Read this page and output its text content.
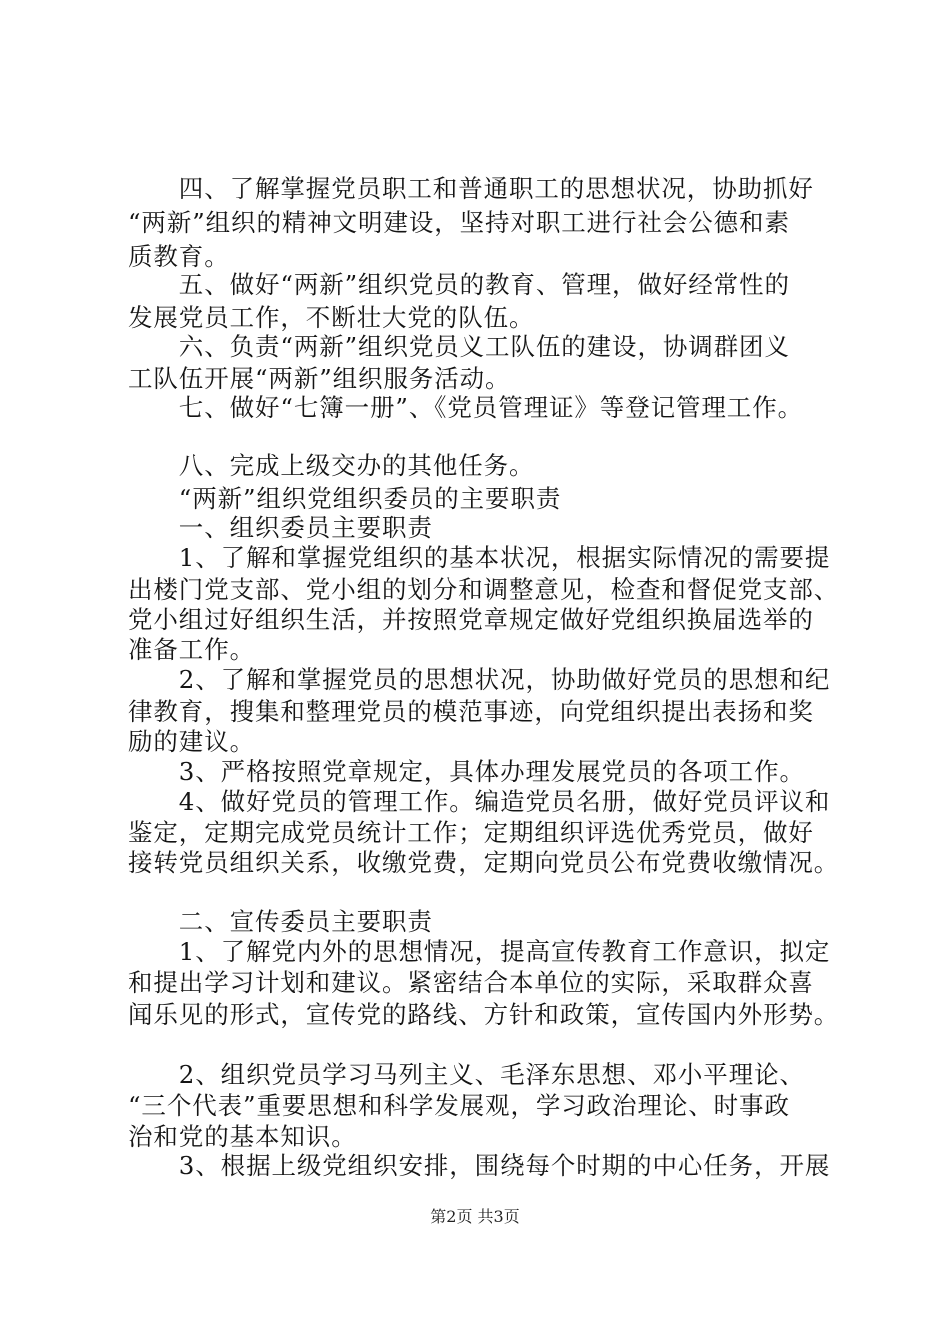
　　四、了解掌握党员职工和普通职工的思想状况，协助抓好
“两新”组织的精神文明建设，坚持对职工进行社会公德和素
质教育。
　　五、做好“两新”组织党员的教育、管理，做好经常性的
发展党员工作，不断壮大党的队伍。
　　六、负责“两新”组织党员义工队伍的建设，协调群团义
工队伍开展“两新”组织服务活动。
　　七、做好“七簿一册”、《党员管理证》等登记管理工作。
　　八、完成上级交办的其他任务。
　　“两新”组织党组织委员的主要职责
　　一、组织委员主要职责
　　1、了解和掌握党组织的基本状况，根据实际情况的需要提
出楼门党支部、党小组的划分和调整意见，检查和督促党支部、
党小组过好组织生活，并按照党章规定做好党组织换届选举的
准备工作。
　　2、了解和掌握党员的思想状况，协助做好党员的思想和纪
律教育，搜集和整理党员的模范事迹，向党组织提出表扬和奖
励的建议。
　　3、严格按照党章规定，具体办理发展党员的各项工作。
　　4、做好党员的管理工作。编造党员名册，做好党员评议和
鉴定，定期完成党员统计工作；定期组织评选优秀党员，做好
接转党员组织关系，收缴党费，定期向党员公布党费收缴情况。
　　二、宣传委员主要职责
　　1、了解党内外的思想情况，提高宣传教育工作意识，拟定
和提出学习计划和建议。紧密结合本单位的实际，采取群众喜
闻乐见的形式，宣传党的路线、方针和政策，宣传国内外形势。
　　2、组织党员学习马列主义、毛泽东思想、邓小平理论、
“三个代表”重要思想和科学发展观，学习政治理论、时事政
治和党的基本知识。
　　3、根据上级党组织安排，围绕每个时期的中心任务，开展
第2页 共3页
